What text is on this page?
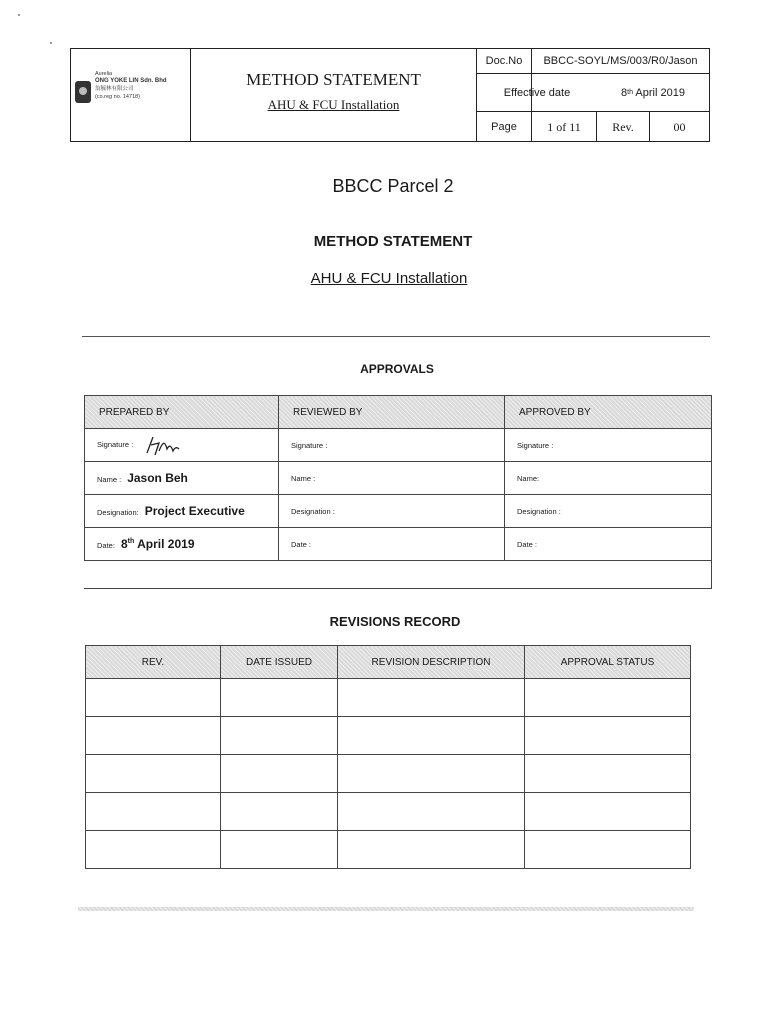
Aurelia
ONG YOKE LIN Sdn. Bhd
翁毓林有限公司
(co.reg no. 14718)
METHOD STATEMENT
AHU & FCU Installation
Doc.No	BBCC-SOYL/MS/003/R0/Jason
Effective date	8 th April 2019
Page	1 of 11	Rev.	00
BBCC Parcel 2
METHOD STATEMENT
AHU & FCU Installation
APPROVALS
PREPARED BY	REVIEWED BY	APPROVED BY
Signature :	Signature :	Signature :
Name : Jason Beh	Name :	Name:
Designation: Project Executive	Designation :	Designation :
Date: 8th April 2019	Date :	Date :
REVISIONS RECORD
REV.	DATE ISSUED	REVISION DESCRIPTION	APPROVAL STATUS
